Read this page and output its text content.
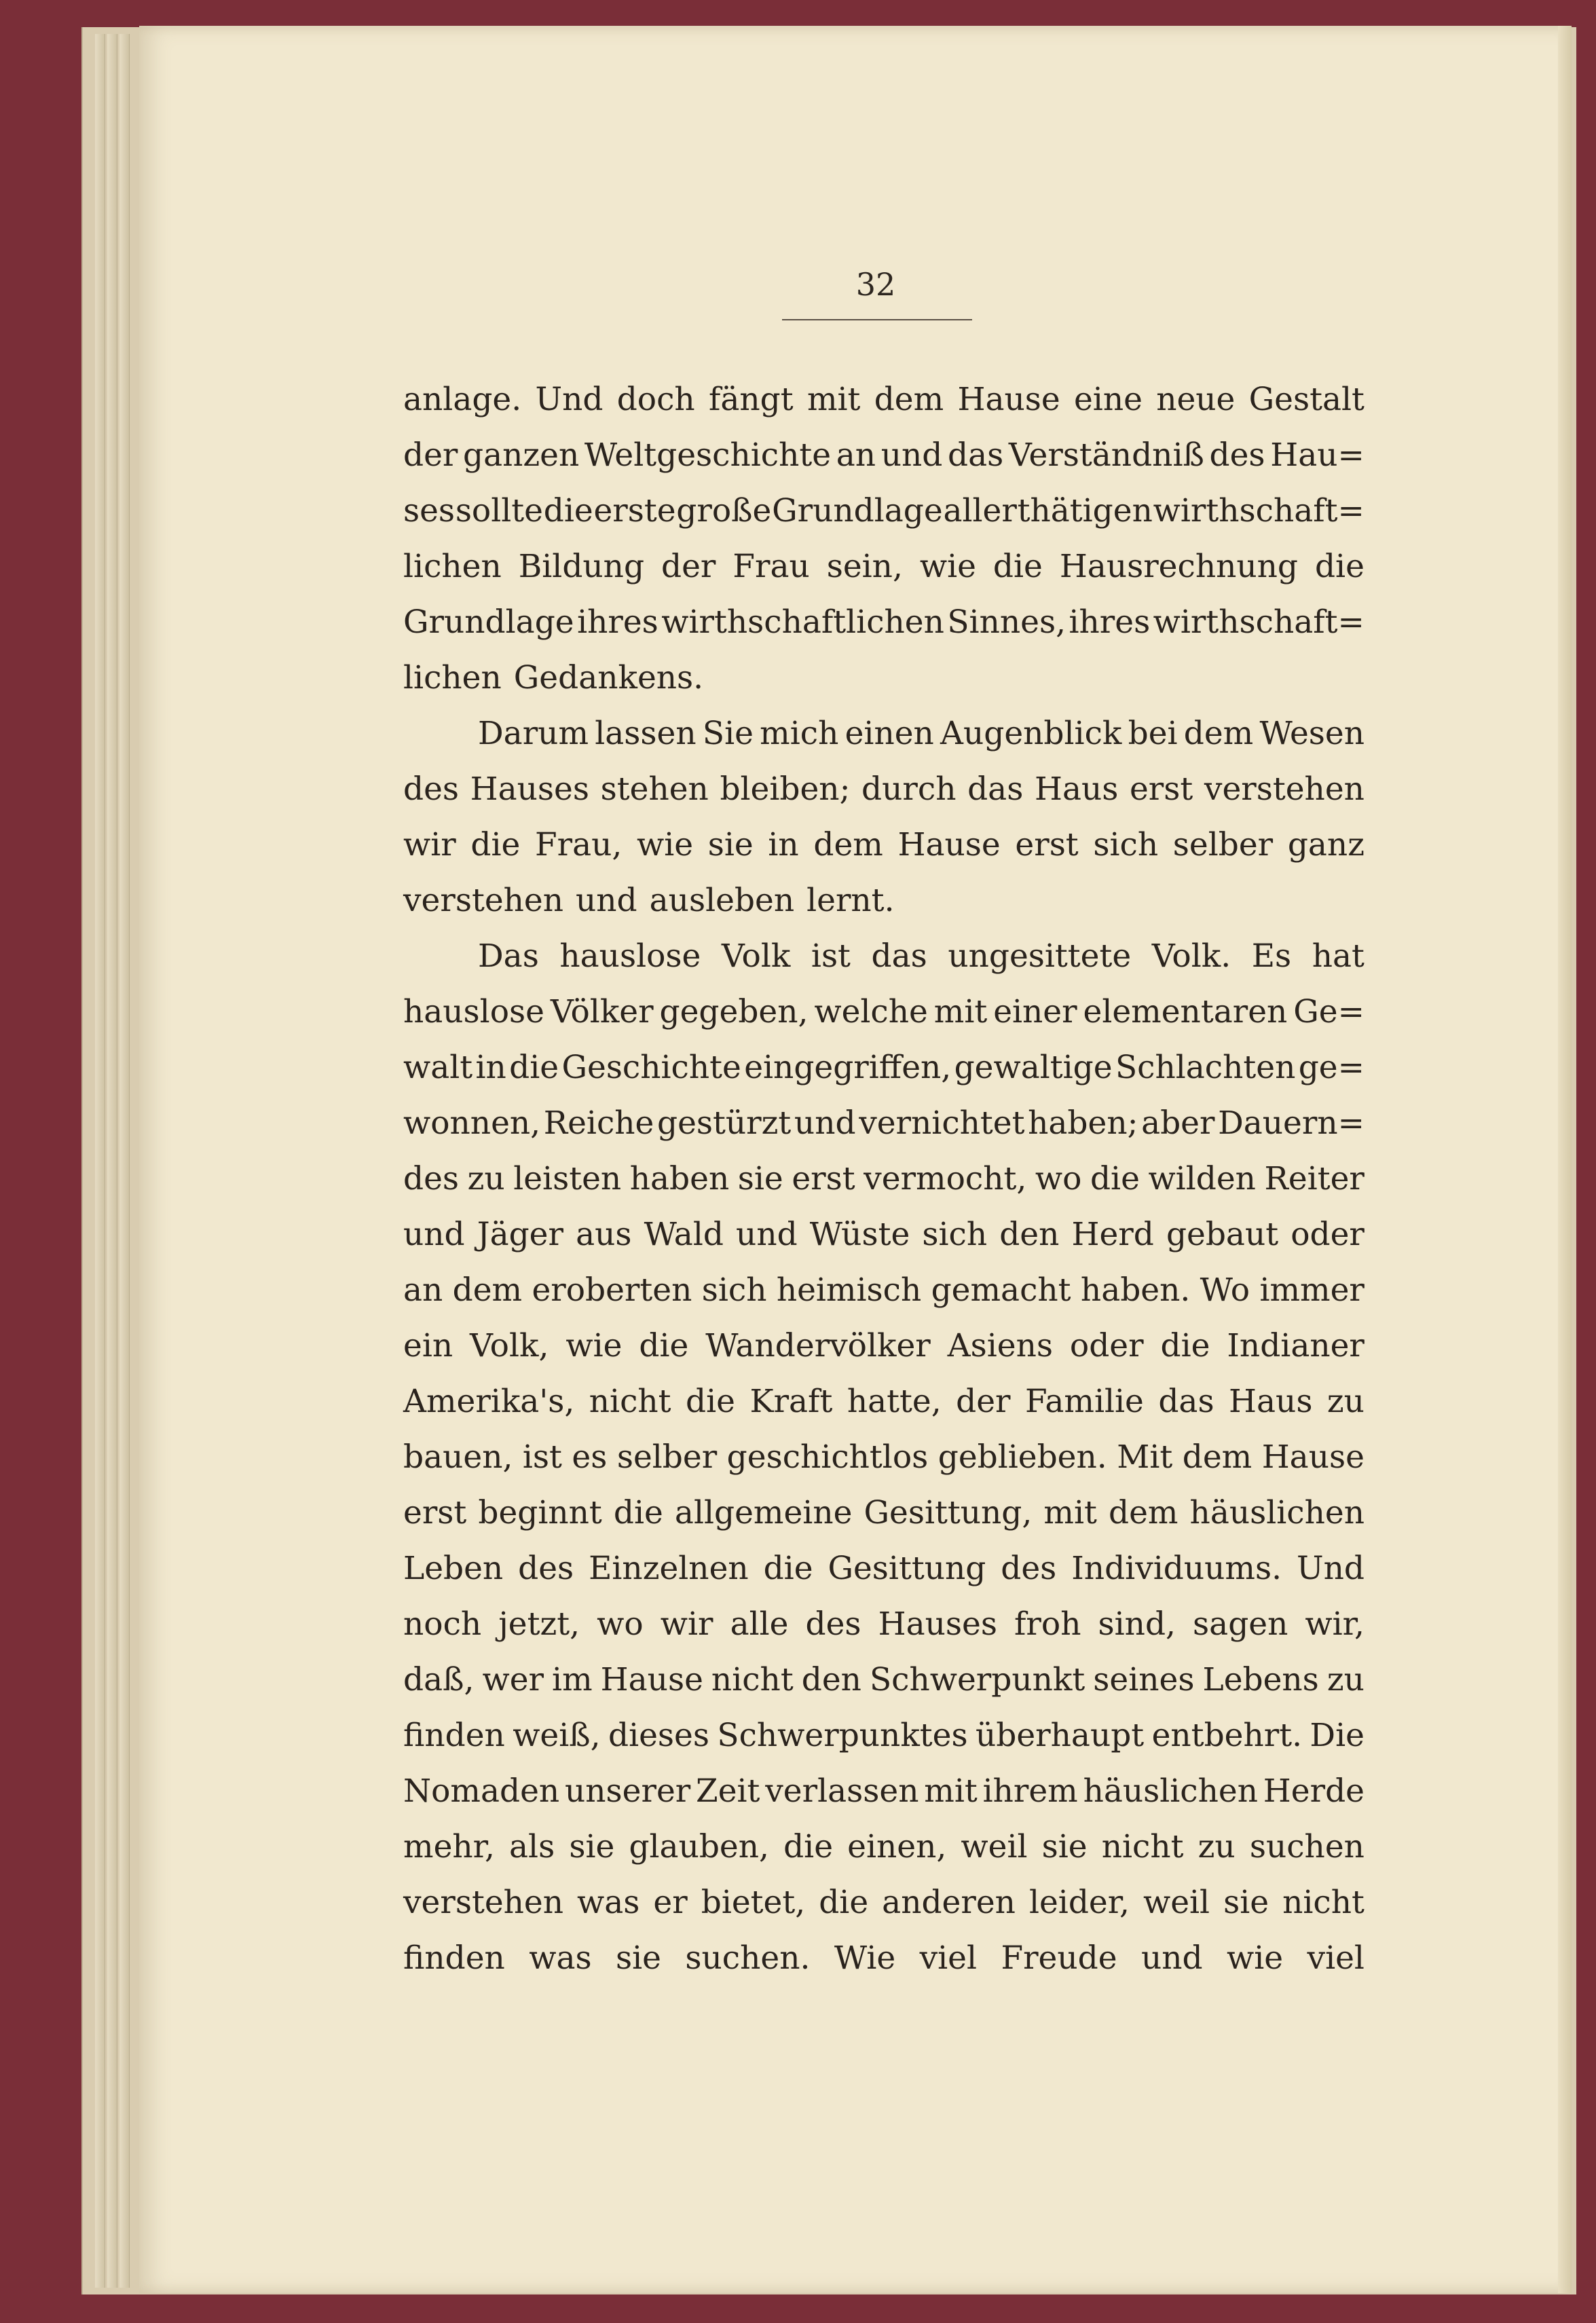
32
anlage. Und doch fängt mit dem Hause eine neue Gestalt
der ganzen Weltgeschichte an und das Verständniß des Hau=
ses sollte die erste große Grundlage aller thätigen wirthschaft=
lichen Bildung der Frau sein, wie die Hausrechnung die
Grundlage ihres wirthschaftlichen Sinnes, ihres wirthschaft=
lichen Gedankens.
Darum lassen Sie mich einen Augenblick bei dem Wesen
des Hauses stehen bleiben; durch das Haus erst verstehen
wir die Frau, wie sie in dem Hause erst sich selber ganz
verstehen und ausleben lernt.
Das hauslose Volk ist das ungesittete Volk. Es hat
hauslose Völker gegeben, welche mit einer elementaren Ge=
walt in die Geschichte eingegriffen, gewaltige Schlachten ge=
wonnen, Reiche gestürzt und vernichtet haben; aber Dauern=
des zu leisten haben sie erst vermocht, wo die wilden Reiter
und Jäger aus Wald und Wüste sich den Herd gebaut oder
an dem eroberten sich heimisch gemacht haben. Wo immer
ein Volk, wie die Wandervölker Asiens oder die Indianer
Amerika's, nicht die Kraft hatte, der Familie das Haus zu
bauen, ist es selber geschichtlos geblieben. Mit dem Hause
erst beginnt die allgemeine Gesittung, mit dem häuslichen
Leben des Einzelnen die Gesittung des Individuums. Und
noch jetzt, wo wir alle des Hauses froh sind, sagen wir,
daß, wer im Hause nicht den Schwerpunkt seines Lebens zu
finden weiß, dieses Schwerpunktes überhaupt entbehrt. Die
Nomaden unserer Zeit verlassen mit ihrem häuslichen Herde
mehr, als sie glauben, die einen, weil sie nicht zu suchen
verstehen was er bietet, die anderen leider, weil sie nicht
finden was sie suchen. Wie viel Freude und wie viel
